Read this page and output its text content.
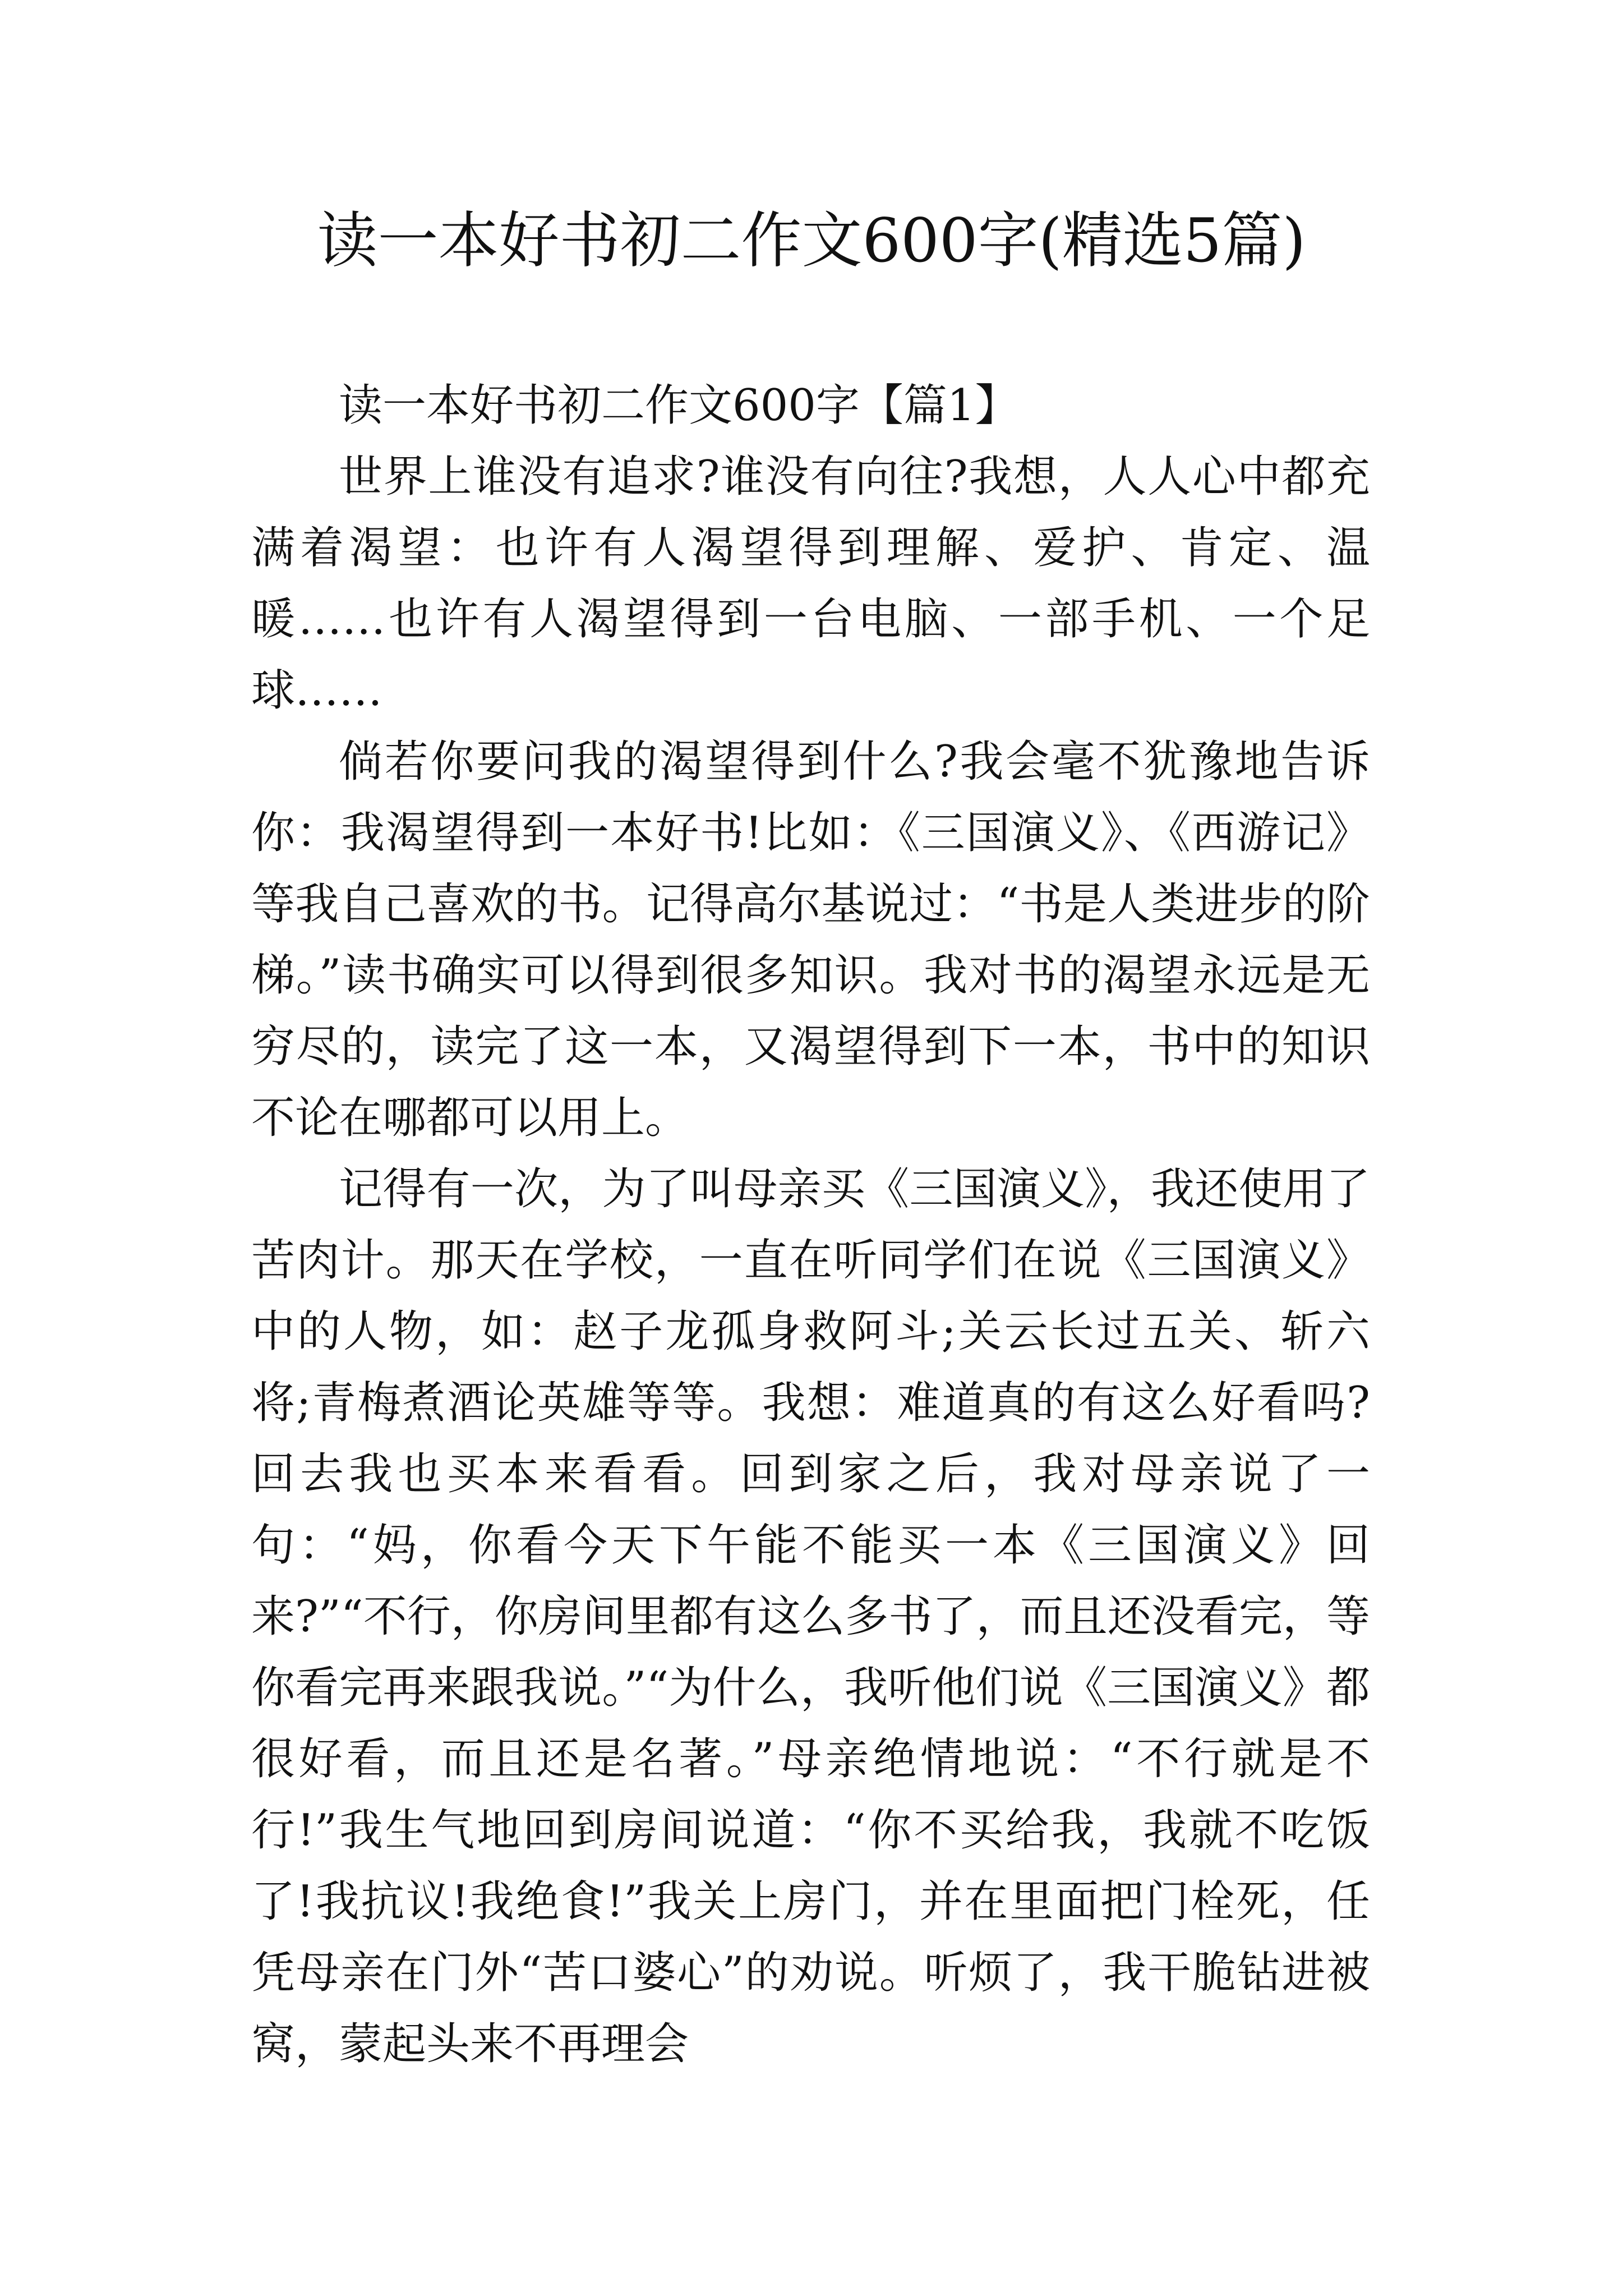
读一本好书初二作文600字(精选5篇)

读一本好书初二作文600字【篇1】

世界上谁没有追求?谁没有向往?我想，人人心中都充满着渴望：也许有人渴望得到理解、爱护、肯定、温暖……也许有人渴望得到一台电脑、一部手机、一个足球……

倘若你要问我的渴望得到什么?我会毫不犹豫地告诉你：我渴望得到一本好书!比如：《三国演义》、《西游记》等我自己喜欢的书。记得高尔基说过：“书是人类进步的阶梯。”读书确实可以得到很多知识。我对书的渴望永远是无穷尽的，读完了这一本，又渴望得到下一本，书中的知识不论在哪都可以用上。

记得有一次，为了叫母亲买《三国演义》，我还使用了苦肉计。那天在学校，一直在听同学们在说《三国演义》中的人物，如：赵子龙孤身救阿斗;关云长过五关、斩六将;青梅煮酒论英雄等等。我想：难道真的有这么好看吗?回去我也买本来看看。回到家之后，我对母亲说了一句：“妈，你看今天下午能不能买一本《三国演义》回来?”“不行，你房间里都有这么多书了，而且还没看完，等你看完再来跟我说。”“为什么，我听他们说《三国演义》都很好看，而且还是名著。”母亲绝情地说：“不行就是不行!”我生气地回到房间说道：“你不买给我，我就不吃饭了!我抗议!我绝食!”我关上房门，并在里面把门栓死，任凭母亲在门外“苦口婆心”的劝说。听烦了，我干脆钻进被窝，蒙起头来不再理会
